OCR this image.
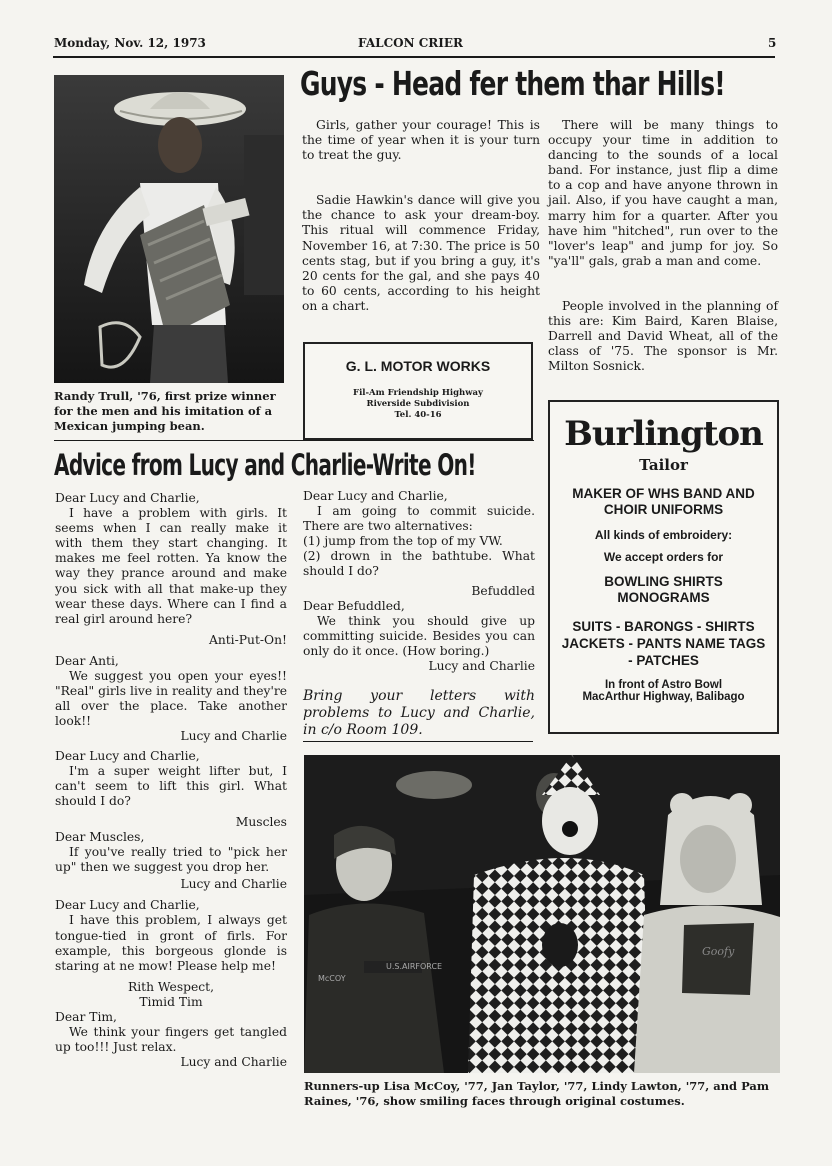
Monday, Nov. 12, 1973	FALCON CRIER	5
Randy Trull, '76, first prize winner for the men and his imitation of a Mexican jumping bean.
Guys - Head fer them thar Hills!

Girls, gather your courage! This is the time of year when it is your turn to treat the guy.

Sadie Hawkin's dance will give you the chance to ask your dream-boy. This ritual will commence Friday, November 16, at 7:30. The price is 50 cents stag, but if you bring a guy, it's 20 cents for the gal, and she pays 40 to 60 cents, according to his height on a chart.

There will be many things to occupy your time in addition to dancing to the sounds of a local band. For instance, just flip a dime to a cop and have anyone thrown in jail. Also, if you have caught a man, marry him for a quarter. After you have him "hitched", run over to the "lover's leap" and jump for joy. So "ya'll" gals, grab a man and come.

People involved in the planning of this are: Kim Baird, Karen Blaise, Darrell and David Wheat, all of the class of '75. The sponsor is Mr. Milton Sosnick.

G. L. MOTOR WORKS
Fil-Am Friendship Highway
Riverside Subdivision
Tel. 40-16
Advice from Lucy and Charlie-Write On!

Dear Lucy and Charlie,

I have a problem with girls. It seems when I can really make it with them they start changing. It makes me feel rotten. Ya know the way they prance around and make you sick with all that make-up they wear these days. Where can I find a real girl around here?

Anti-Put-On!

Dear Anti,

We suggest you open your eyes!! "Real" girls live in reality and they're all over the place. Take another look!!

Lucy and Charlie

Dear Lucy and Charlie,

I'm a super weight lifter but, I can't seem to lift this girl. What should I do?

Muscles

Dear Muscles,

If you've really tried to "pick her up" then we suggest you drop her.

Lucy and Charlie

Dear Lucy and Charlie,

I have this problem, I always get tongue-tied in gront of firls. For example, this borgeous glonde is staring at ne mow! Please help me!

Rith Wespect,

Timid Tim

Dear Tim,

We think your fingers get tangled up too!!! Just relax.

Lucy and Charlie

Dear Lucy and Charlie,

I am going to commit suicide. There are two alternatives:

(1) jump from the top of my VW.

(2) drown in the bathtube. What should I do?

Befuddled

Dear Befuddled,

We think you should give up committing suicide. Besides you can only do it once. (How boring.)

Lucy and Charlie

Bring your letters with problems to Lucy and Charlie, in c/o Room 109.

Burlington
Tailor
MAKER OF WHS BAND AND CHOIR UNIFORMS
All kinds of embroidery:
We accept orders for
BOWLING SHIRTS MONOGRAMS
SUITS - BARONGS - SHIRTS JACKETS - PANTS NAME TAGS - PATCHES
In front of Astro Bowl
MacArthur Highway, Balibago
McCOY
U.S.AIRFORCE
Goofy
Runners-up Lisa McCoy, '77, Jan Taylor, '77, Lindy Lawton, '77, and Pam Raines, '76, show smiling faces through original costumes.
